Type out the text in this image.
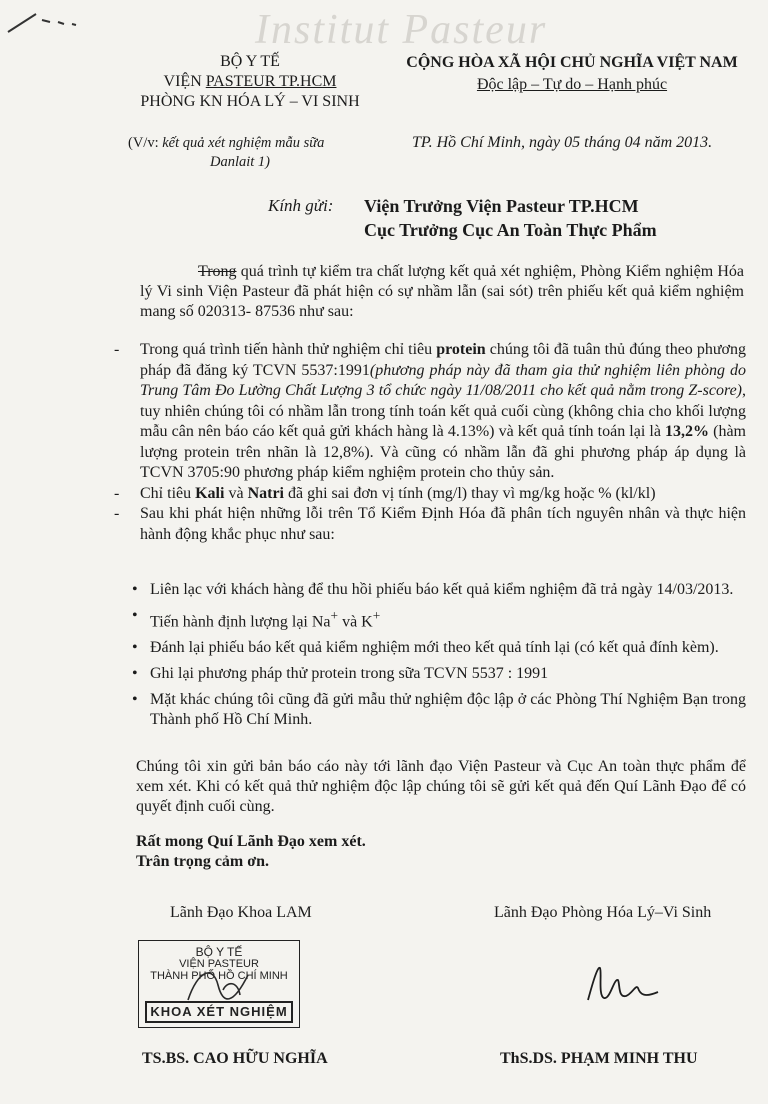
Institut Pasteur
BỘ Y TẾ
VIỆN PASTEUR TP.HCM
PHÒNG KN HÓA LÝ – VI SINH
CỘNG HÒA XÃ HỘI CHỦ NGHĨA VIỆT NAM
Độc lập – Tự do – Hạnh phúc
(V/v: kết quả xét nghiệm mẫu sữa
Danlait 1)
TP. Hồ Chí Minh, ngày 05 tháng 04 năm 2013.
Kính gửi: Viện Trưởng Viện Pasteur TP.HCM
Cục Trưởng Cục An Toàn Thực Phẩm
Trong quá trình tự kiểm tra chất lượng kết quả xét nghiệm, Phòng Kiểm nghiệm Hóa lý Vi sinh Viện Pasteur đã phát hiện có sự nhầm lẫn (sai sót) trên phiếu kết quả kiểm nghiệm mang số 020313- 87536 như sau:
- Trong quá trình tiến hành thử nghiệm chỉ tiêu protein chúng tôi đã tuân thủ đúng theo phương pháp đã đăng ký TCVN 5537:1991(phương pháp này đã tham gia thử nghiệm liên phòng do Trung Tâm Đo Lường Chất Lượng 3 tổ chức ngày 11/08/2011 cho kết quả nằm trong Z-score), tuy nhiên chúng tôi có nhầm lẫn trong tính toán kết quả cuối cùng (không chia cho khối lượng mẫu cân nên báo cáo kết quả gửi khách hàng là 4.13%) và kết quả tính toán lại là 13,2% (hàm lượng protein trên nhãn là 12,8%). Và cũng có nhầm lẫn đã ghi phương pháp áp dụng là TCVN 3705:90 phương pháp kiểm nghiệm protein cho thủy sản.
- Chỉ tiêu Kali và Natri đã ghi sai đơn vị tính (mg/l) thay vì mg/kg hoặc % (kl/kl)
- Sau khi phát hiện những lỗi trên Tổ Kiểm Định Hóa đã phân tích nguyên nhân và thực hiện hành động khắc phục như sau:
• Liên lạc với khách hàng để thu hồi phiếu báo kết quả kiểm nghiệm đã trả ngày 14/03/2013.
• Tiến hành định lượng lại Na+ và K+
• Đánh lại phiếu báo kết quả kiểm nghiệm mới theo kết quả tính lại (có kết quả đính kèm).
• Ghi lại phương pháp thử protein trong sữa TCVN 5537 : 1991
• Mặt khác chúng tôi cũng đã gửi mẫu thử nghiệm độc lập ở các Phòng Thí Nghiệm Bạn trong Thành phố Hồ Chí Minh.
Chúng tôi xin gửi bản báo cáo này tới lãnh đạo Viện Pasteur và Cục An toàn thực phẩm để xem xét. Khi có kết quả thử nghiệm độc lập chúng tôi sẽ gửi kết quả đến Quí Lãnh Đạo để có quyết định cuối cùng.
Rất mong Quí Lãnh Đạo xem xét.
Trân trọng cảm ơn.
Lãnh Đạo Khoa LAM	Lãnh Đạo Phòng Hóa Lý–Vi Sinh
BỘ Y TẾ
VIỆN PASTEUR
THÀNH PHỐ HỒ CHÍ MINH
KHOA XÉT NGHIỆM
TS.BS. CAO HỮU NGHĨA	ThS.DS. PHẠM MINH THU
